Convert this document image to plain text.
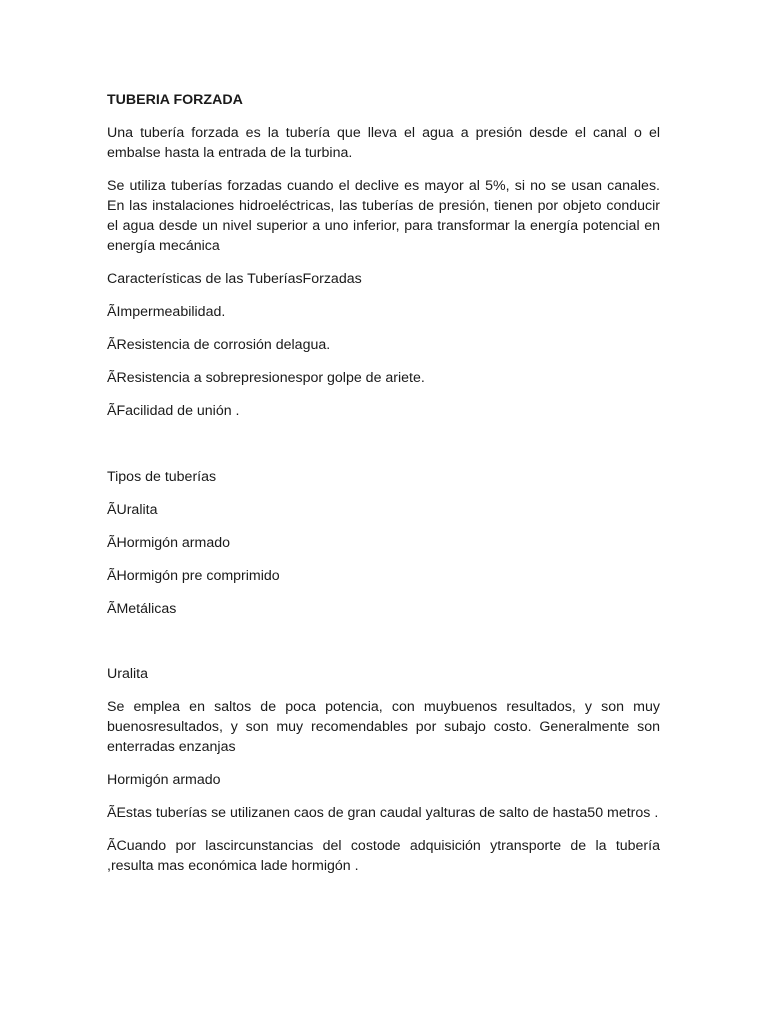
TUBERIA FORZADA
Una tubería forzada es la tubería que lleva el agua a presión desde el canal o el embalse hasta la entrada de la turbina.
Se utiliza tuberías forzadas cuando el declive es mayor al 5%, si no se usan canales. En las instalaciones hidroeléctricas, las tuberías de presión, tienen por objeto conducir el agua desde un nivel superior a uno inferior, para transformar la energía potencial en energía mecánica
Características de las TuberíasForzadas
ÃImpermeabilidad.
ÃResistencia de corrosión delagua.
ÃResistencia a sobrepresionespor golpe de ariete.
ÃFacilidad de unión .
Tipos de tuberías
ÃUralita
ÃHormigón armado
ÃHormigón pre comprimido
ÃMetálicas
Uralita
Se emplea en saltos de poca potencia, con muybuenos resultados, y son muy buenosresultados, y son muy recomendables por subajo costo. Generalmente son enterradas enzanjas
Hormigón armado
ÃEstas tuberías se utilizanen caos de gran caudal yalturas de salto de hasta50 metros .
ÃCuando por lascircunstancias del costode adquisición ytransporte de la tubería ,resulta mas económica lade hormigón .
